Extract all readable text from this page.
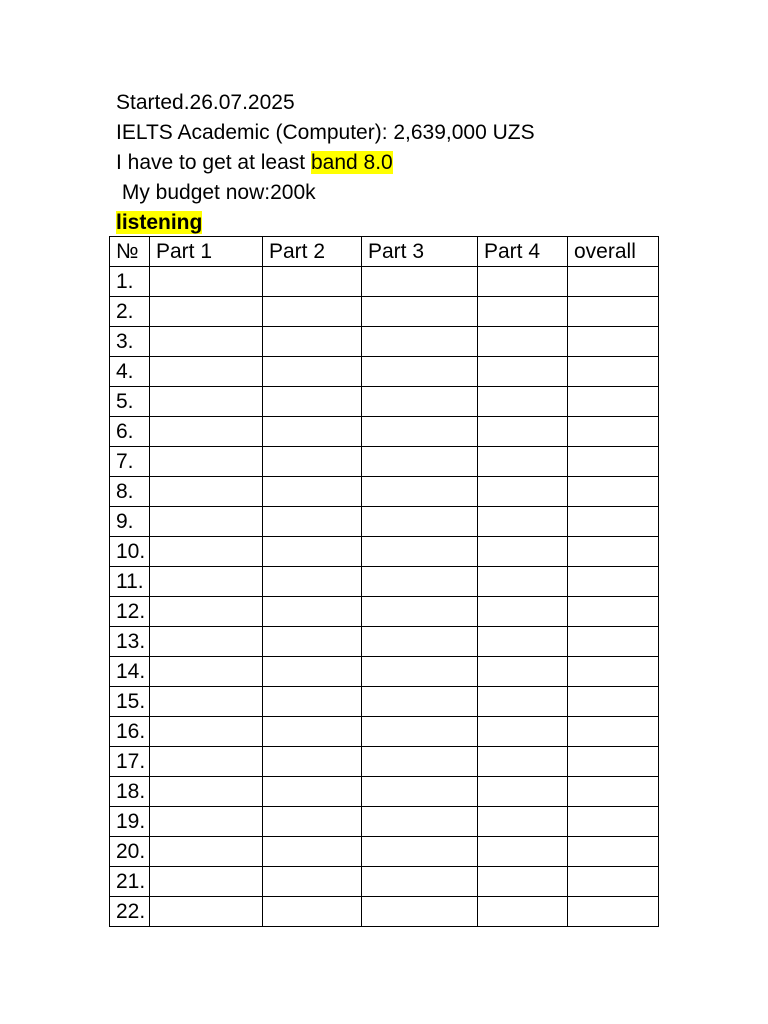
Started.26.07.2025
IELTS Academic (Computer): 2,639,000 UZS
I have to get at least band 8.0
My budget now:200k
listening
№	Part 1	Part 2	Part 3	Part 4	overall
1.					
2.					
3.					
4.					
5.					
6.					
7.					
8.					
9.					
10.					
11.					
12.					
13.					
14.					
15.					
16.					
17.					
18.					
19.					
20.					
21.					
22.					
